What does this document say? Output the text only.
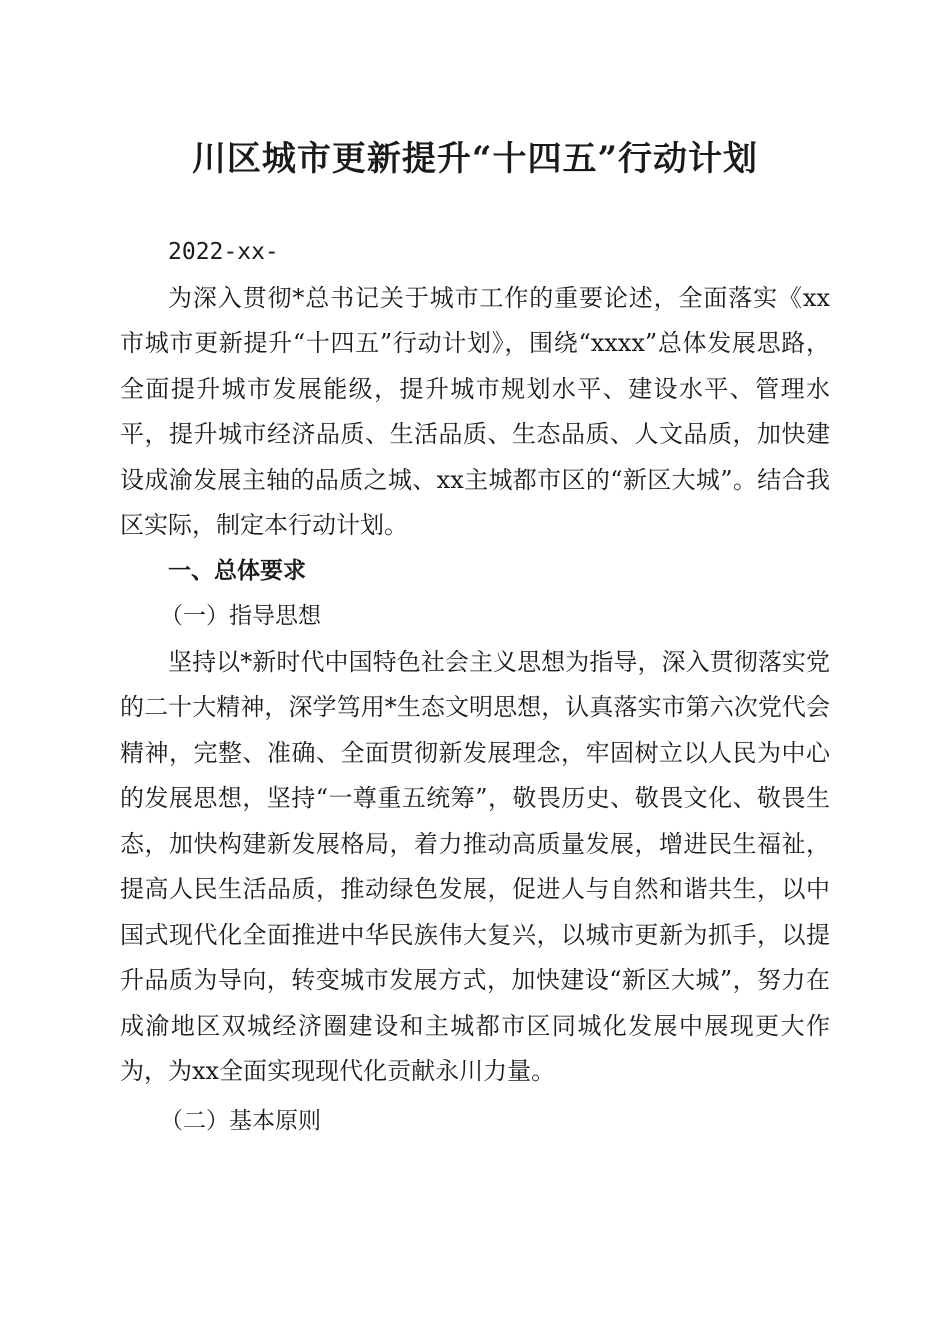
川区城市更新提升“十四五”行动计划

2022-xx-

为深入贯彻*总书记关于城市工作的重要论述，全面落实《xx市城市更新提升“十四五”行动计划》，围绕“xxxx”总体发展思路，全面提升城市发展能级，提升城市规划水平、建设水平、管理水平，提升城市经济品质、生活品质、生态品质、人文品质，加快建设成渝发展主轴的品质之城、xx主城都市区的“新区大城”。结合我区实际，制定本行动计划。

一、总体要求

（一）指导思想

坚持以*新时代中国特色社会主义思想为指导，深入贯彻落实党的二十大精神，深学笃用*生态文明思想，认真落实市第六次党代会精神，完整、准确、全面贯彻新发展理念，牢固树立以人民为中心的发展思想，坚持“一尊重五统筹”，敬畏历史、敬畏文化、敬畏生态，加快构建新发展格局，着力推动高质量发展，增进民生福祉，提高人民生活品质，推动绿色发展，促进人与自然和谐共生，以中国式现代化全面推进中华民族伟大复兴，以城市更新为抓手，以提升品质为导向，转变城市发展方式，加快建设“新区大城”，努力在成渝地区双城经济圈建设和主城都市区同城化发展中展现更大作为，为xx全面实现现代化贡献永川力量。

（二）基本原则
